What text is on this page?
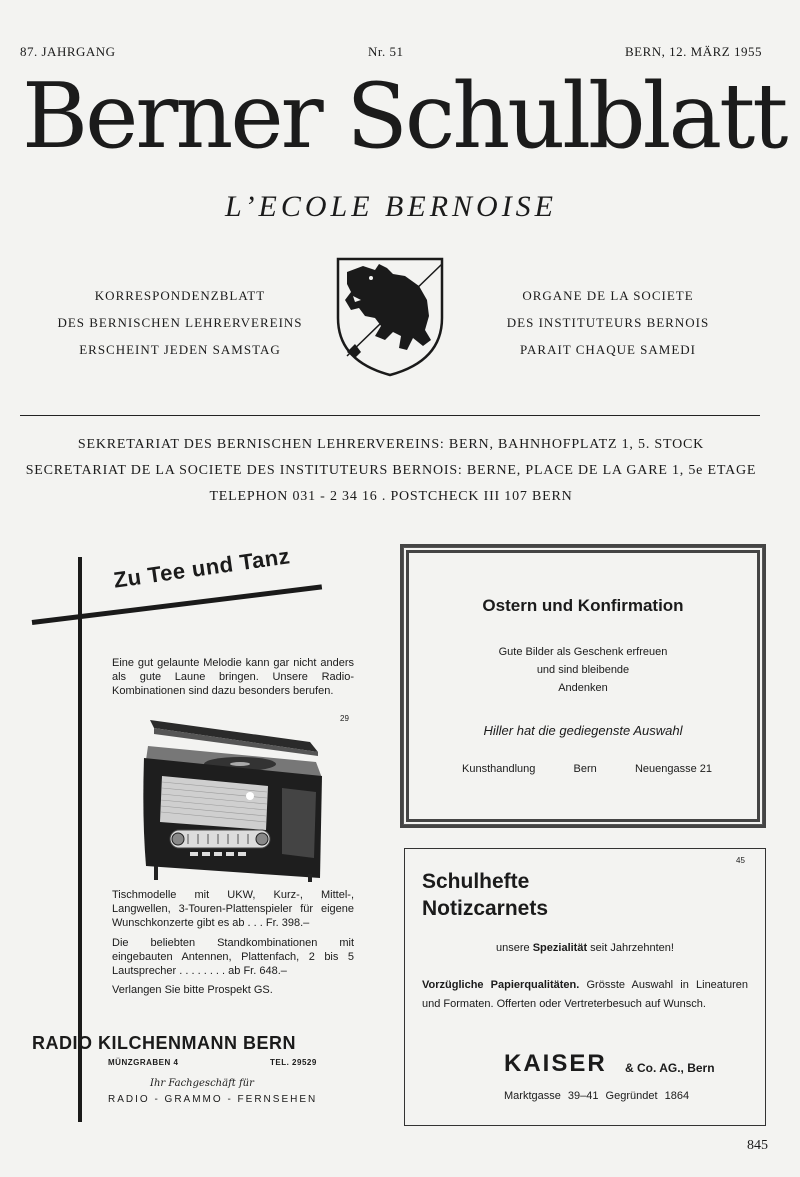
87. JAHRGANG	Nr. 51	BERN, 12. MÄRZ 1955
Berner Schulblatt
L’ECOLE BERNOISE
KORRESPONDENZBLATT
DES BERNISCHEN LEHRERVEREINS
ERSCHEINT JEDEN SAMSTAG
ORGANE DE LA SOCIETE
DES INSTITUTEURS BERNOIS
PARAIT CHAQUE SAMEDI
SEKRETARIAT DES BERNISCHEN LEHRERVEREINS: BERN, BAHNHOFPLATZ 1, 5. STOCK
SECRETARIAT DE LA SOCIETE DES INSTITUTEURS BERNOIS: BERNE, PLACE DE LA GARE 1, 5e ETAGE
TELEPHON 031 - 2 34 16 . POSTCHECK III 107 BERN
Zu Tee und Tanz
Eine gut gelaunte Melodie kann gar nicht anders als gute Laune bringen. Unsere Radio-Kombinationen sind dazu besonders berufen.
29
Tischmodelle mit UKW, Kurz-, Mittel-, Langwellen, 3-Touren-Plattenspieler für eigene Wunschkonzerte gibt es ab . . . Fr. 398.–
Die beliebten Standkombinationen mit eingebauten Antennen, Plattenfach, 2 bis 5 Lautsprecher . . . . . . . . ab Fr. 648.–
Verlangen Sie bitte Prospekt GS.
RADIO KILCHENMANN BERN
MÜNZGRABEN 4	TEL. 29529
Ihr Fachgeschäft für
RADIO - GRAMMO - FERNSEHEN
Ostern und Konfirmation
Gute Bilder als Geschenk erfreuen
und sind bleibende
Andenken
Hiller hat die gediegenste Auswahl
Kunsthandlung	Bern	Neuengasse 21
45
Schulhefte
Notizcarnets
unsere Spezialität seit Jahrzehnten!
Vorzügliche Papierqualitäten. Grösste Auswahl in Lineaturen und Formaten. Offerten oder Vertreterbesuch auf Wunsch.
KAISER & Co. AG., Bern
Marktgasse 39–41 Gegründet 1864
845
